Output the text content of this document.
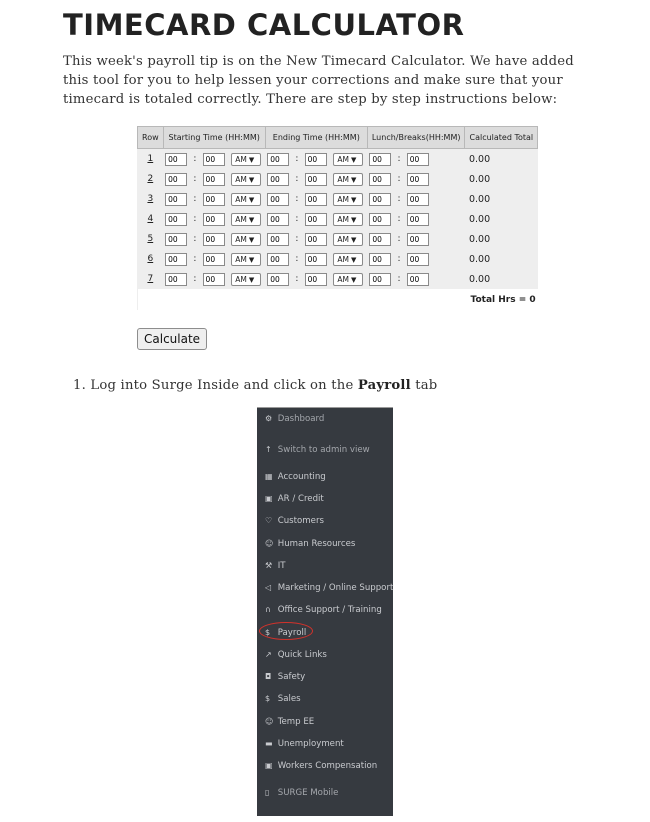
TIMECARD CALCULATOR

This week's payroll tip is on the New Timecard Calculator. We have added this tool for you to help lessen your corrections and make sure that your timecard is totaled correctly. There are step by step instructions below:

Row	Starting Time (HH:MM)	Ending Time (HH:MM)	Lunch/Breaks(HH:MM)	Calculated Total
1	00: 00 AM ▼	00: 00 AM ▼	00: 00	0.00
2	00: 00 AM ▼	00: 00 AM ▼	00: 00	0.00
3	00: 00 AM ▼	00: 00 AM ▼	00: 00	0.00
4	00: 00 AM ▼	00: 00 AM ▼	00: 00	0.00
5	00: 00 AM ▼	00: 00 AM ▼	00: 00	0.00
6	00: 00 AM ▼	00: 00 AM ▼	00: 00	0.00
7	00: 00 AM ▼	00: 00 AM ▼	00: 00	0.00
Total Hrs = 0				
Calculate
1. Log into Surge Inside and click on the Payroll tab
⚙ Dashboard
↑ Switch to admin view
▦ Accounting
▣ AR / Credit
♡ Customers
☺ Human Resources
⚒ IT
◁ Marketing / Online Support
∩ Office Support / Training
$ Payroll
↗ Quick Links
◘ Safety
$ Sales
☺ Temp EE
▬ Unemployment
▣ Workers Compensation
▯ SURGE Mobile
